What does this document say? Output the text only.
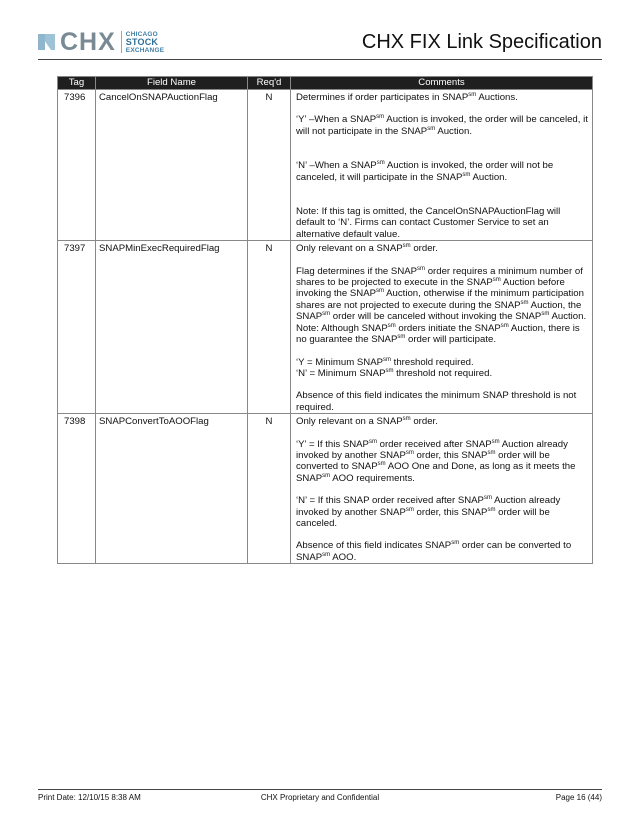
CHX CHICAGO
STOCK
EXCHANGE	CHX FIX Link Specification
Tag	Field Name	Req'd	Comments
7396	CancelOnSNAPAuctionFlag	N	Determines if order participates in $SNAP^{sm}$ Auctions.

‘Y’ –When a $SNAP^{sm}$ Auction is invoked, the order will be canceled, it will not participate in the $SNAP^{sm}$ Auction.

‘N’ –When a $SNAP^{sm}$ Auction is invoked, the order will not be canceled, it will participate in the $SNAP^{sm}$ Auction.

Note: If this tag is omitted, the CancelOnSNAPAuctionFlag will default to ‘N’. Firms can contact Customer Service to set an alternative default value.

7397	SNAPMinExecRequiredFlag	N	Only relevant on a $SNAP^{sm}$ order.

Flag determines if the $SNAP^{sm}$ order requires a minimum number of shares to be projected to execute in the $SNAP^{sm}$ Auction before invoking the $SNAP^{sm}$ Auction, otherwise if the minimum participation shares are not projected to execute during the $SNAP^{sm}$ Auction, the $SNAP^{sm}$ order will be canceled without invoking the $SNAP^{sm}$ Auction. Note: Although $SNAP^{sm}$ orders initiate the $SNAP^{sm}$ Auction, there is no guarantee the $SNAP^{sm}$ order will participate.

‘Y = Minimum $SNAP^{sm}$ threshold required.
‘N’ = Minimum $SNAP^{sm}$ threshold not required.

Absence of this field indicates the minimum SNAP threshold is not required.

7398	SNAPConvertToAOOFlag	N	Only relevant on a $SNAP^{sm}$ order.

‘Y’ = If this $SNAP^{sm}$ order received after $SNAP^{sm}$ Auction already invoked by another $SNAP^{sm}$ order, this $SNAP^{sm}$ order will be converted to $SNAP^{sm}$ AOO One and Done, as long as it meets the $SNAP^{sm}$ AOO requirements.

‘N’ = If this SNAP order received after $SNAP^{sm}$ Auction already invoked by another $SNAP^{sm}$ order, this $SNAP^{sm}$ order will be canceled.

Absence of this field indicates $SNAP^{sm}$ order can be converted to $SNAP^{sm}$ AOO.

Print Date: 12/10/15 8:38 AM	CHX Proprietary and Confidential	Page 16 (44)
